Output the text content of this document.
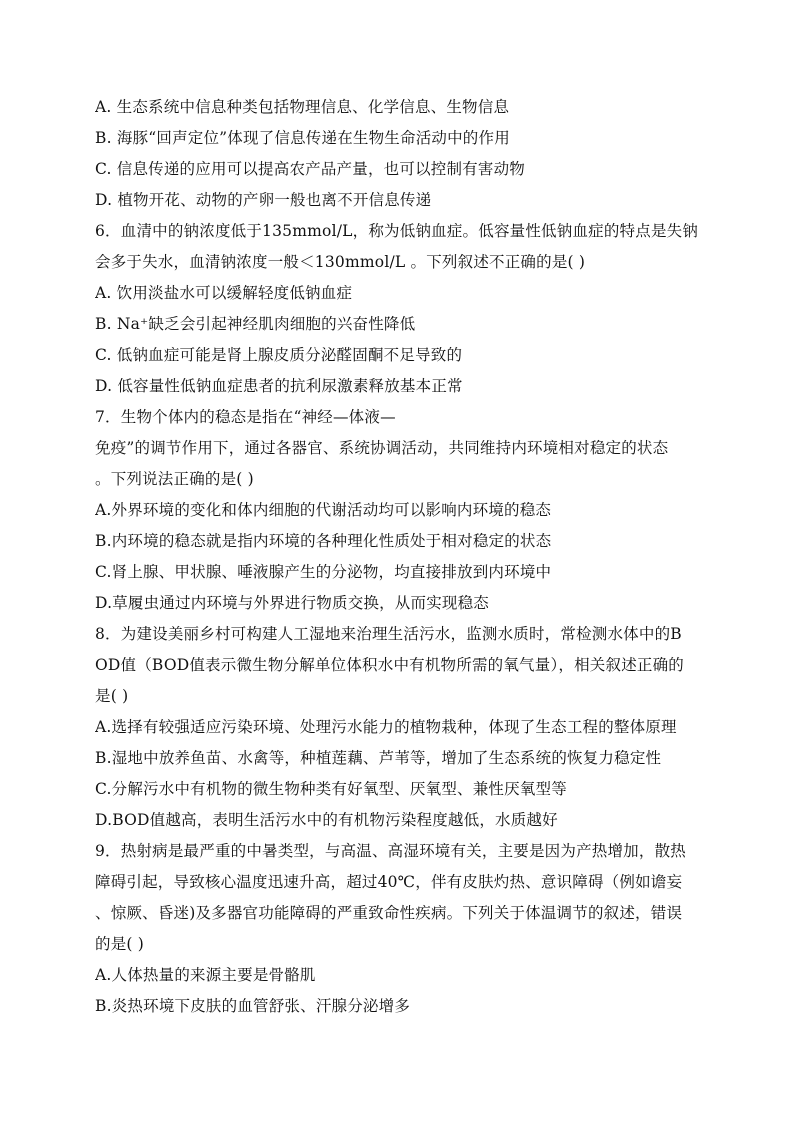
A. 生态系统中信息种类包括物理信息、化学信息、生物信息
B. 海豚“回声定位”体现了信息传递在生物生命活动中的作用
C. 信息传递的应用可以提高农产品产量，也可以控制有害动物
D. 植物开花、动物的产卵一般也离不开信息传递
6．血清中的钠浓度低于135mmol/L，称为低钠血症。低容量性低钠血症的特点是失钠
会多于失水，血清钠浓度一般＜130mmol/L 。下列叙述不正确的是( )
A. 饮用淡盐水可以缓解轻度低钠血症
B. Na⁺缺乏会引起神经肌肉细胞的兴奋性降低
C. 低钠血症可能是肾上腺皮质分泌醛固酮不足导致的
D. 低容量性低钠血症患者的抗利尿激素释放基本正常
7．生物个体内的稳态是指在“神经—体液—
免疫”的调节作用下，通过各器官、系统协调活动，共同维持内环境相对稳定的状态
。下列说法正确的是( )
A.外界环境的变化和体内细胞的代谢活动均可以影响内环境的稳态
B.内环境的稳态就是指内环境的各种理化性质处于相对稳定的状态
C.肾上腺、甲状腺、唾液腺产生的分泌物，均直接排放到内环境中
D.草履虫通过内环境与外界进行物质交换，从而实现稳态
8．为建设美丽乡村可构建人工湿地来治理生活污水，监测水质时，常检测水体中的B
OD值（BOD值表示微生物分解单位体积水中有机物所需的氧气量），相关叙述正确的
是( )
A.选择有较强适应污染环境、处理污水能力的植物栽种，体现了生态工程的整体原理
B.湿地中放养鱼苗、水禽等，种植莲藕、芦苇等，增加了生态系统的恢复力稳定性
C.分解污水中有机物的微生物种类有好氧型、厌氧型、兼性厌氧型等
D.BOD值越高，表明生活污水中的有机物污染程度越低，水质越好
9．热射病是最严重的中暑类型，与高温、高湿环境有关，主要是因为产热增加，散热
障碍引起，导致核心温度迅速升高，超过40℃，伴有皮肤灼热、意识障碍（例如谵妄
、惊厥、昏迷)及多器官功能障碍的严重致命性疾病。下列关于体温调节的叙述，错误
的是( )
A.人体热量的来源主要是骨骼肌
B.炎热环境下皮肤的血管舒张、汗腺分泌增多
